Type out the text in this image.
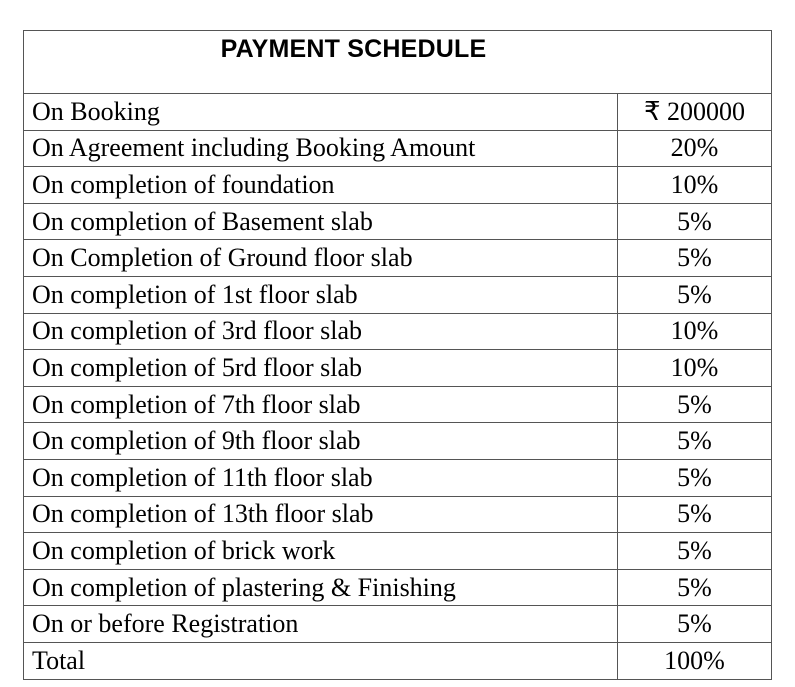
PAYMENT SCHEDULE
On Booking	₹ 200000
On Agreement including Booking Amount	20%
On completion of foundation	10%
On completion of Basement slab	5%
On Completion of Ground floor slab	5%
On completion of 1st floor slab	5%
On completion of 3rd floor slab	10%
On completion of 5rd floor slab	10%
On completion of 7th floor slab	5%
On completion of 9th floor slab	5%
On completion of 11th floor slab	5%
On completion of 13th floor slab	5%
On completion of brick work	5%
On completion of plastering & Finishing	5%
On or before Registration	5%
Total	100%
